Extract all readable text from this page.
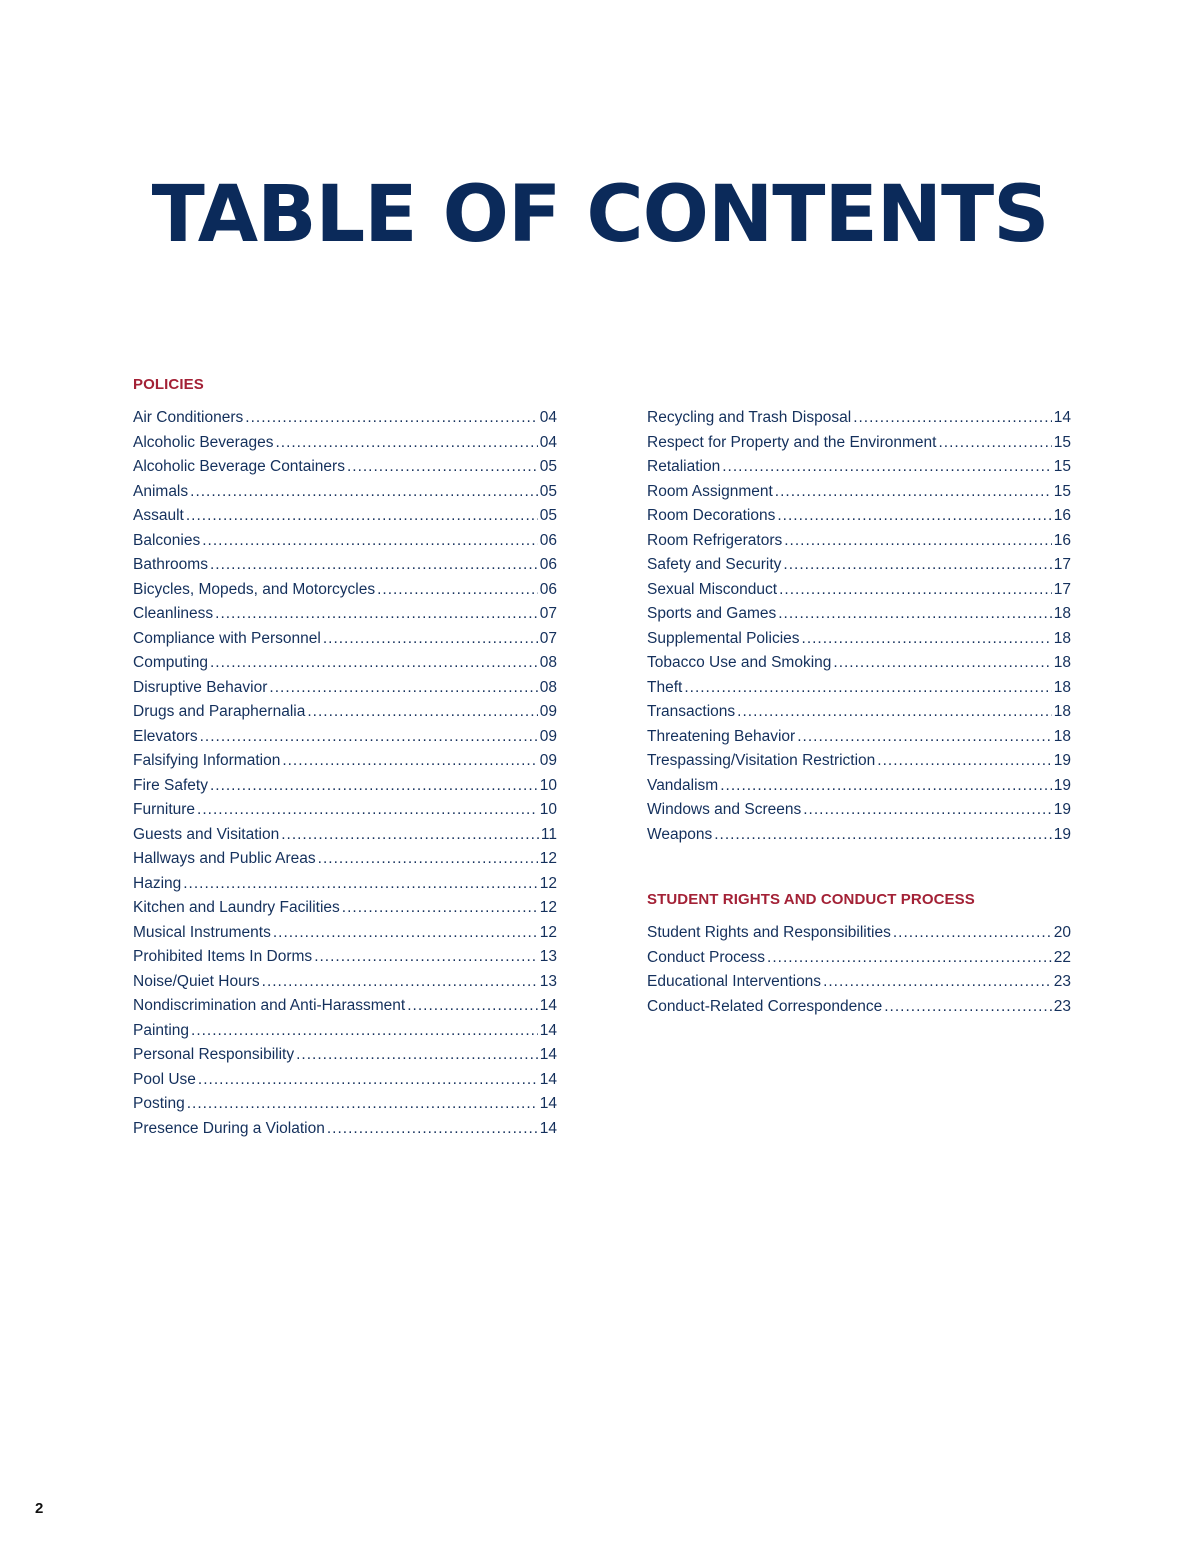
TABLE OF CONTENTS
POLICIES
Air Conditioners .....	04
Alcoholic Beverages .....	04
Alcoholic Beverage Containers .....	05
Animals .....	05
Assault .....	05
Balconies .....	06
Bathrooms .....	06
Bicycles, Mopeds, and Motorcycles .....	06
Cleanliness .....	07
Compliance with Personnel .....	07
Computing .....	08
Disruptive Behavior .....	08
Drugs and Paraphernalia .....	09
Elevators .....	09
Falsifying Information .....	09
Fire Safety .....	10
Furniture .....	10
Guests and Visitation .....	11
Hallways and Public Areas .....	12
Hazing .....	12
Kitchen and Laundry Facilities .....	12
Musical Instruments .....	12
Prohibited Items In Dorms .....	13
Noise/Quiet Hours .....	13
Nondiscrimination and Anti-Harassment .....	14
Painting .....	14
Personal Responsibility .....	14
Pool Use .....	14
Posting .....	14
Presence During a Violation .....	14
Recycling and Trash Disposal .....	14
Respect for Property and the Environment .....	15
Retaliation .....	15
Room Assignment .....	15
Room Decorations .....	16
Room Refrigerators .....	16
Safety and Security .....	17
Sexual Misconduct .....	17
Sports and Games .....	18
Supplemental Policies .....	18
Tobacco Use and Smoking .....	18
Theft .....	18
Transactions .....	18
Threatening Behavior .....	18
Trespassing/Visitation Restriction .....	19
Vandalism .....	19
Windows and Screens .....	19
Weapons .....	19
STUDENT RIGHTS AND CONDUCT PROCESS
Student Rights and Responsibilities .....	20
Conduct Process .....	22
Educational Interventions .....	23
Conduct-Related Correspondence .....	23
2
